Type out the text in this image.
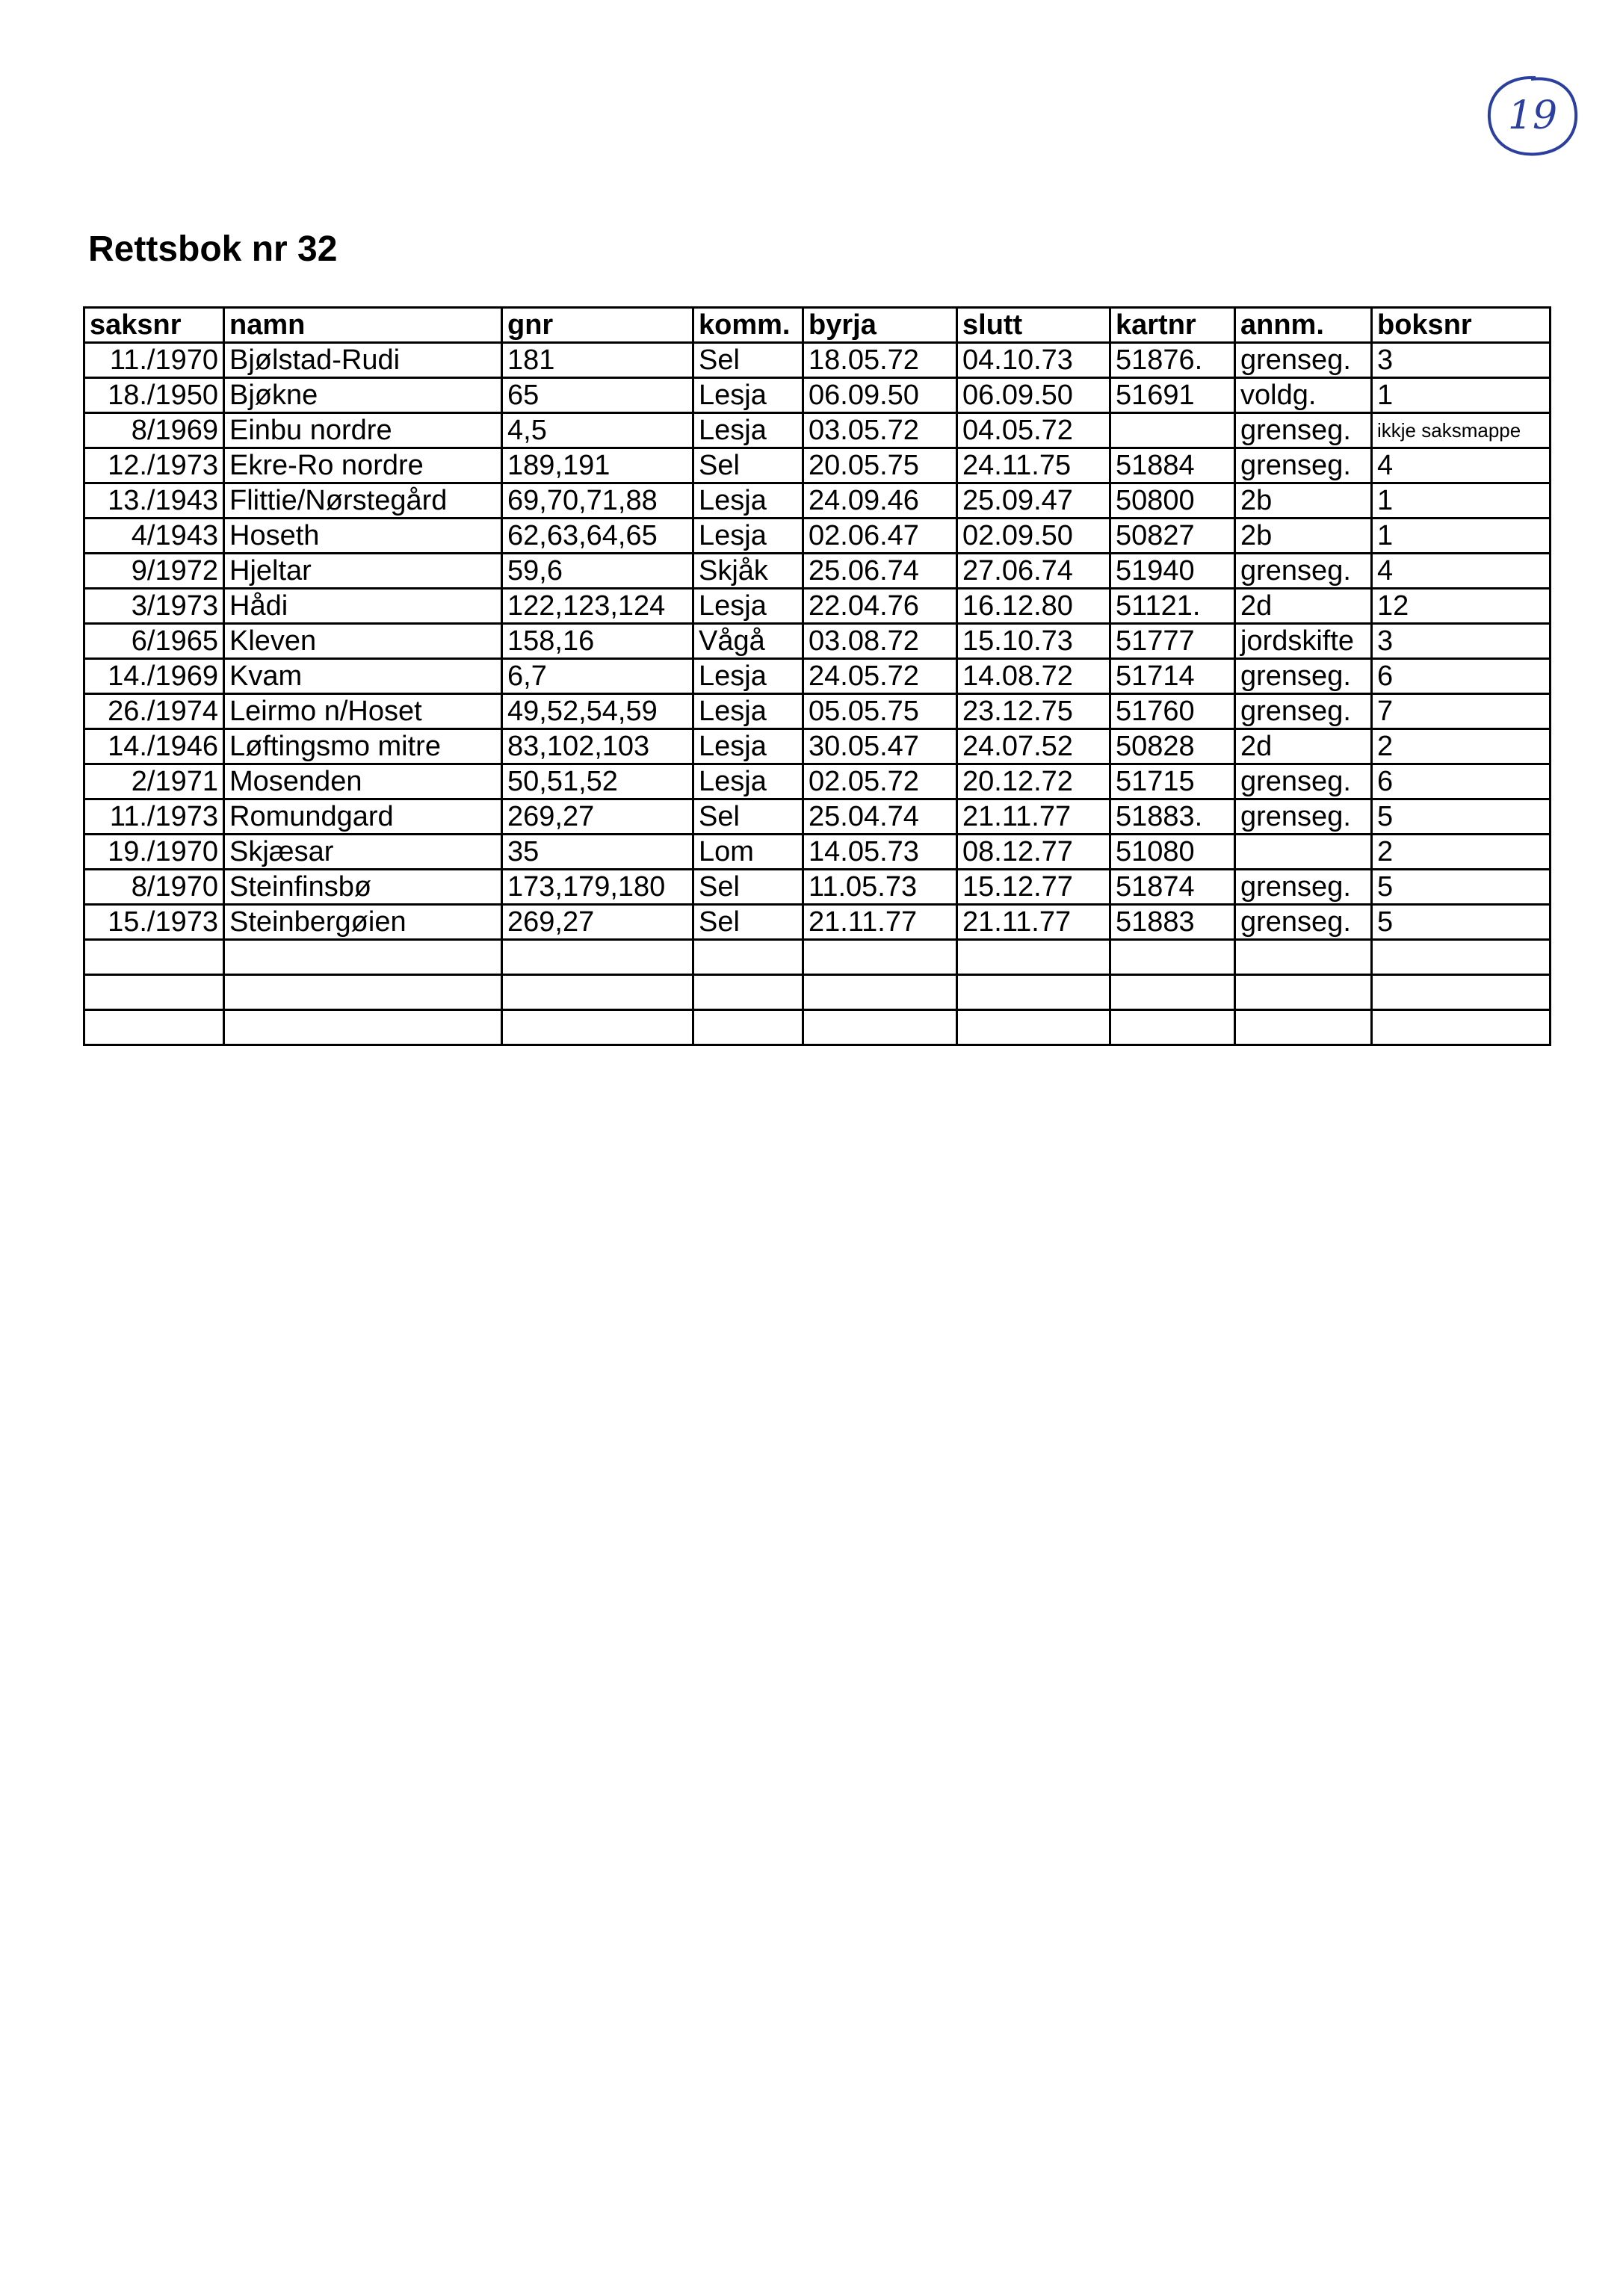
19
Rettsbok nr 32
saksnr	namn	gnr	komm.	byrja	slutt	kartnr	annm.	boksnr
11./1970	Bjølstad-Rudi	181	Sel	18.05.72	04.10.73	51876.	grenseg.	3
18./1950	Bjøkne	65	Lesja	06.09.50	06.09.50	51691	voldg.	1
8/1969	Einbu nordre	4,5	Lesja	03.05.72	04.05.72		grenseg.	ikkje saksmappe
12./1973	Ekre-Ro nordre	189,191	Sel	20.05.75	24.11.75	51884	grenseg.	4
13./1943	Flittie/Nørstegård	69,70,71,88	Lesja	24.09.46	25.09.47	50800	2b	1
4/1943	Hoseth	62,63,64,65	Lesja	02.06.47	02.09.50	50827	2b	1
9/1972	Hjeltar	59,6	Skjåk	25.06.74	27.06.74	51940	grenseg.	4
3/1973	Hådi	122,123,124	Lesja	22.04.76	16.12.80	51121.	2d	12
6/1965	Kleven	158,16	Vågå	03.08.72	15.10.73	51777	jordskifte	3
14./1969	Kvam	6,7	Lesja	24.05.72	14.08.72	51714	grenseg.	6
26./1974	Leirmo n/Hoset	49,52,54,59	Lesja	05.05.75	23.12.75	51760	grenseg.	7
14./1946	Løftingsmo mitre	83,102,103	Lesja	30.05.47	24.07.52	50828	2d	2
2/1971	Mosenden	50,51,52	Lesja	02.05.72	20.12.72	51715	grenseg.	6
11./1973	Romundgard	269,27	Sel	25.04.74	21.11.77	51883.	grenseg.	5
19./1970	Skjæsar	35	Lom	14.05.73	08.12.77	51080		2
8/1970	Steinfinsbø	173,179,180	Sel	11.05.73	15.12.77	51874	grenseg.	5
15./1973	Steinbergøien	269,27	Sel	21.11.77	21.11.77	51883	grenseg.	5
